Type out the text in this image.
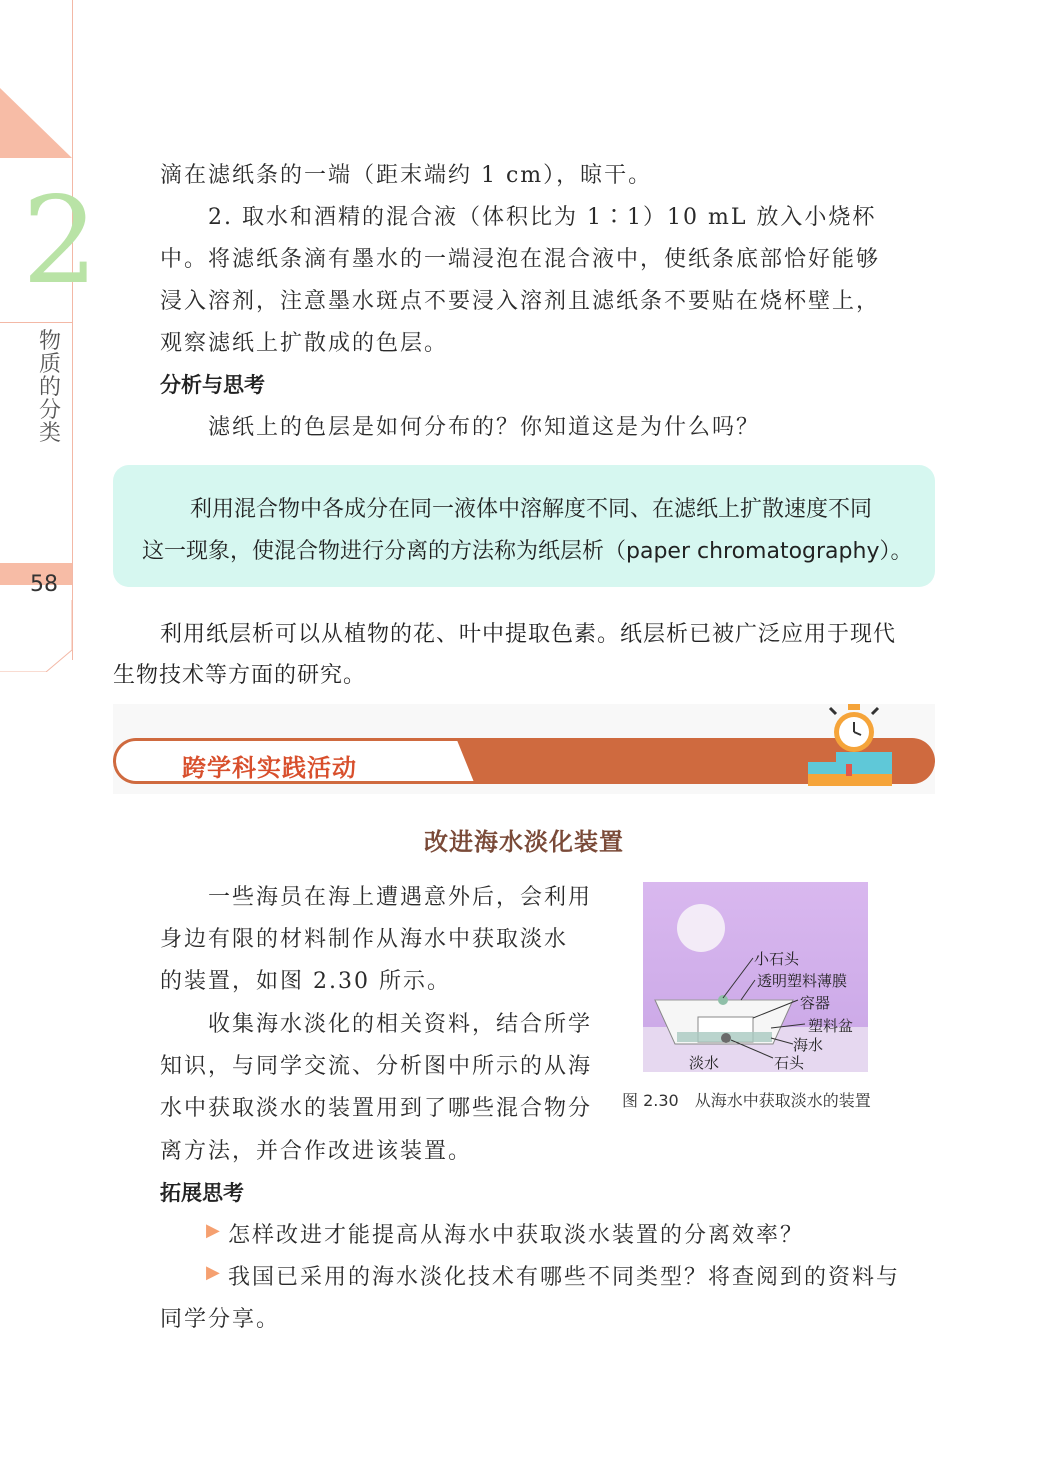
2
物质的分类
58
滴在滤纸条的一端（距末端约 1 cm），晾干。
2. 取水和酒精的混合液（体积比为 1∶1）10 mL 放入小烧杯
中。将滤纸条滴有墨水的一端浸泡在混合液中，使纸条底部恰好能够
浸入溶剂，注意墨水斑点不要浸入溶剂且滤纸条不要贴在烧杯壁上，
观察滤纸上扩散成的色层。
分析与思考
滤纸上的色层是如何分布的？你知道这是为什么吗？
利用混合物中各成分在同一液体中溶解度不同、在滤纸上扩散速度不同
这一现象，使混合物进行分离的方法称为纸层析（paper chromatography）。
利用纸层析可以从植物的花、叶中提取色素。纸层析已被广泛应用于现代
生物技术等方面的研究。
跨学科实践活动
改进海水淡化装置
一些海员在海上遭遇意外后，会利用
身边有限的材料制作从海水中获取淡水
的装置，如图 2.30 所示。
收集海水淡化的相关资料，结合所学
知识，与同学交流、分析图中所示的从海
水中获取淡水的装置用到了哪些混合物分
离方法，并合作改进该装置。
小石头
透明塑料薄膜
容器
塑料盆
海水
淡水	石头
图 2.30　从海水中获取淡水的装置
拓展思考
▶ 怎样改进才能提高从海水中获取淡水装置的分离效率？
▶ 我国已采用的海水淡化技术有哪些不同类型？将查阅到的资料与
同学分享。
